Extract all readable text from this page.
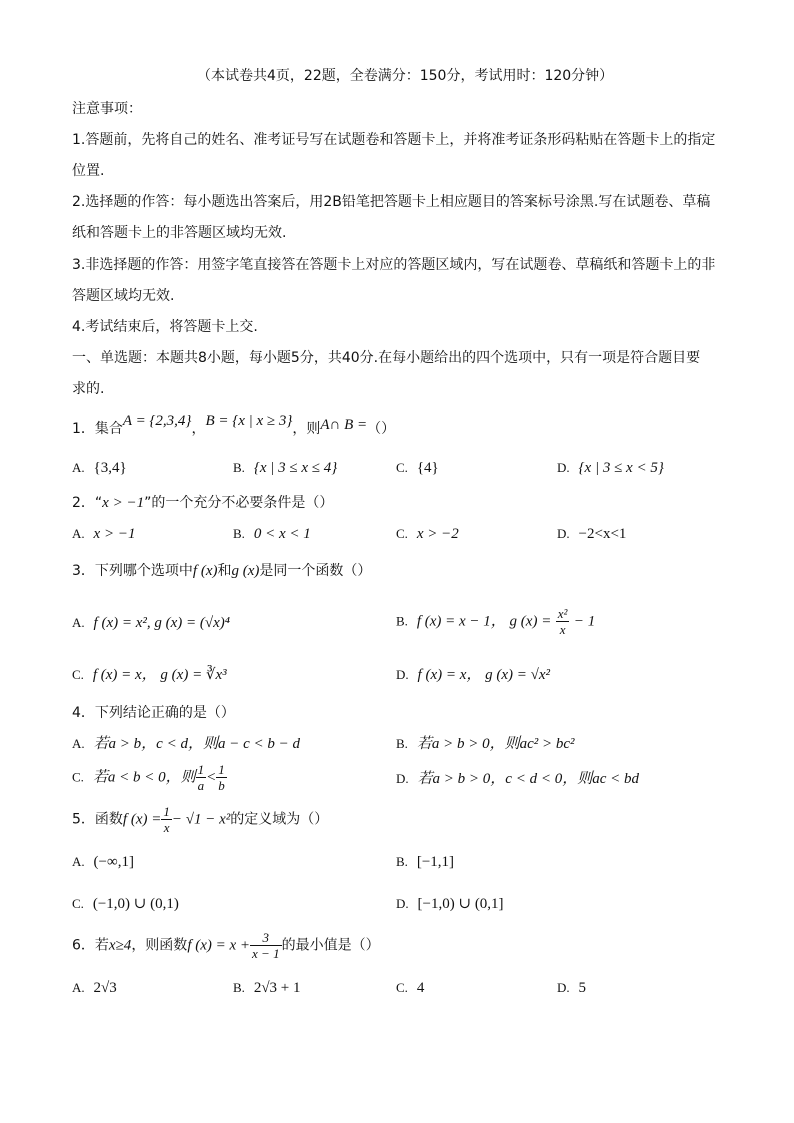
（本试卷共4页，22题，全卷满分：150分，考试用时：120分钟）
注意事项：
1.答题前，先将自己的姓名、准考证号写在试题卷和答题卡上，并将准考证条形码粘贴在答题卡上的指定
位置.
2.选择题的作答：每小题选出答案后，用2B铅笔把答题卡上相应题目的答案标号涂黑.写在试题卷、草稿
纸和答题卡上的非答题区域均无效.
3.非选择题的作答：用签字笔直接答在答题卡上对应的答题区域内，写在试题卷、草稿纸和答题卡上的非
答题区域均无效.
4.考试结束后，将答题卡上交.
一、单选题：本题共8小题，每小题5分，共40分.在每小题给出的四个选项中，只有一项是符合题目要
求的.
1．集合A = {2,3,4}，B = {x | x ≥ 3}，则A∩ B =（）
A. {3,4}	B. {x | 3 ≤ x ≤ 4}	C. {4}	D. {x | 3 ≤ x < 5}
2．“x > −1”的一个充分不必要条件是（）
A. x > −1	B. 0 < x < 1	C. x > −2	D. −2<x<1
3．下列哪个选项中f (x)和g (x)是同一个函数（）
A. f (x) = x², g (x) = (√x)⁴	B. f (x) = x − 1， g $(x) = \frac{\text{x²}}{x} - 1$
C. f (x) = x， g (x) = ∛x³	D. f (x) = x， g (x) = √x²
4．下列结论正确的是（）
A. 若a > b，c < d，则a − c < b − d	B. 若a > b > 0，则ac² > bc²
C. 若a < b < 0，则 $\frac{1}{a} < \frac{1}{b}$	D. 若a > b > 0，c < d < 0，则ac < bd
5．函数f $(x) = \frac{1}{x} - √1 - x^2$的定义域为（）
A. (−∞,1]	B. [−1,1]
C. (−1,0) ∪ (0,1)	D. [−1,0) ∪ (0,1]
6．若x≥4，则函数f $(x) = x + \frac{3}{x - 1}$ 的最小值是（）
A. 2√3	B. 2√3 + 1	C. 4	D. 5
